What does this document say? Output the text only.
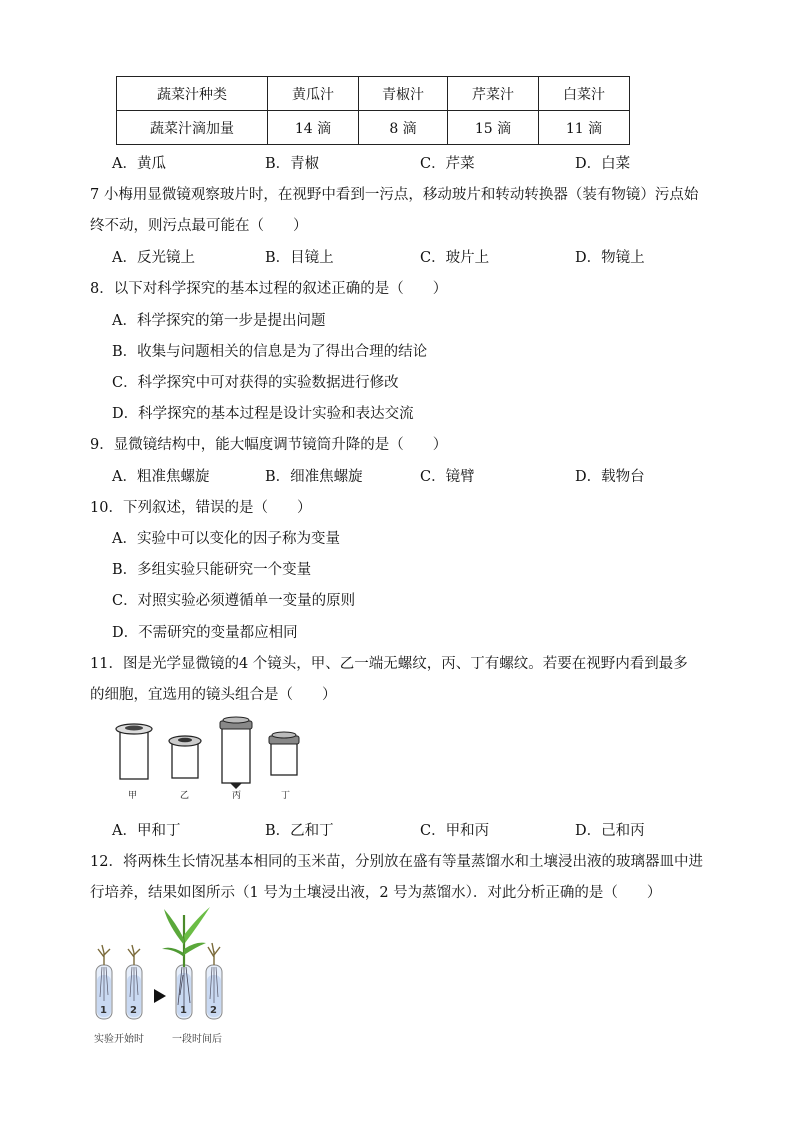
蔬菜汁种类	黄瓜汁	青椒汁	芹菜汁	白菜汁
蔬菜汁滴加量	14 滴	8 滴	15 滴	11 滴
A．黄瓜	B．青椒	C．芹菜	D．白菜
7 小梅用显微镜观察玻片时，在视野中看到一污点，移动玻片和转动转换器（装有物镜）污点始
终不动，则污点最可能在（　　）
A．反光镜上	B．目镜上	C．玻片上	D．物镜上
8．以下对科学探究的基本过程的叙述正确的是（　　）
A．科学探究的第一步是提出问题
B．收集与问题相关的信息是为了得出合理的结论
C．科学探究中可对获得的实验数据进行修改
D．科学探究的基本过程是设计实验和表达交流
9．显微镜结构中，能大幅度调节镜筒升降的是（　　）
A．粗准焦螺旋	B．细准焦螺旋	C．镜臂	D．载物台
10．下列叙述，错误的是（　　）
A．实验中可以变化的因子称为变量
B．多组实验只能研究一个变量
C．对照实验必须遵循单一变量的原则
D．不需研究的变量都应相同
11．图是光学显微镜的4 个镜头，甲、乙一端无螺纹，丙、丁有螺纹。若要在视野内看到最多
的细胞，宜选用的镜头组合是（　　）
甲	乙	丙	丁
A．甲和丁	B．乙和丁	C．甲和丙	D．己和丙
12．将两株生长情况基本相同的玉米苗，分别放在盛有等量蒸馏水和土壤浸出液的玻璃器皿中进
行培养，结果如图所示（1 号为土壤浸出液，2 号为蒸馏水）．对此分析正确的是（　　）
1 2	1 2
实验开始时	一段时间后
